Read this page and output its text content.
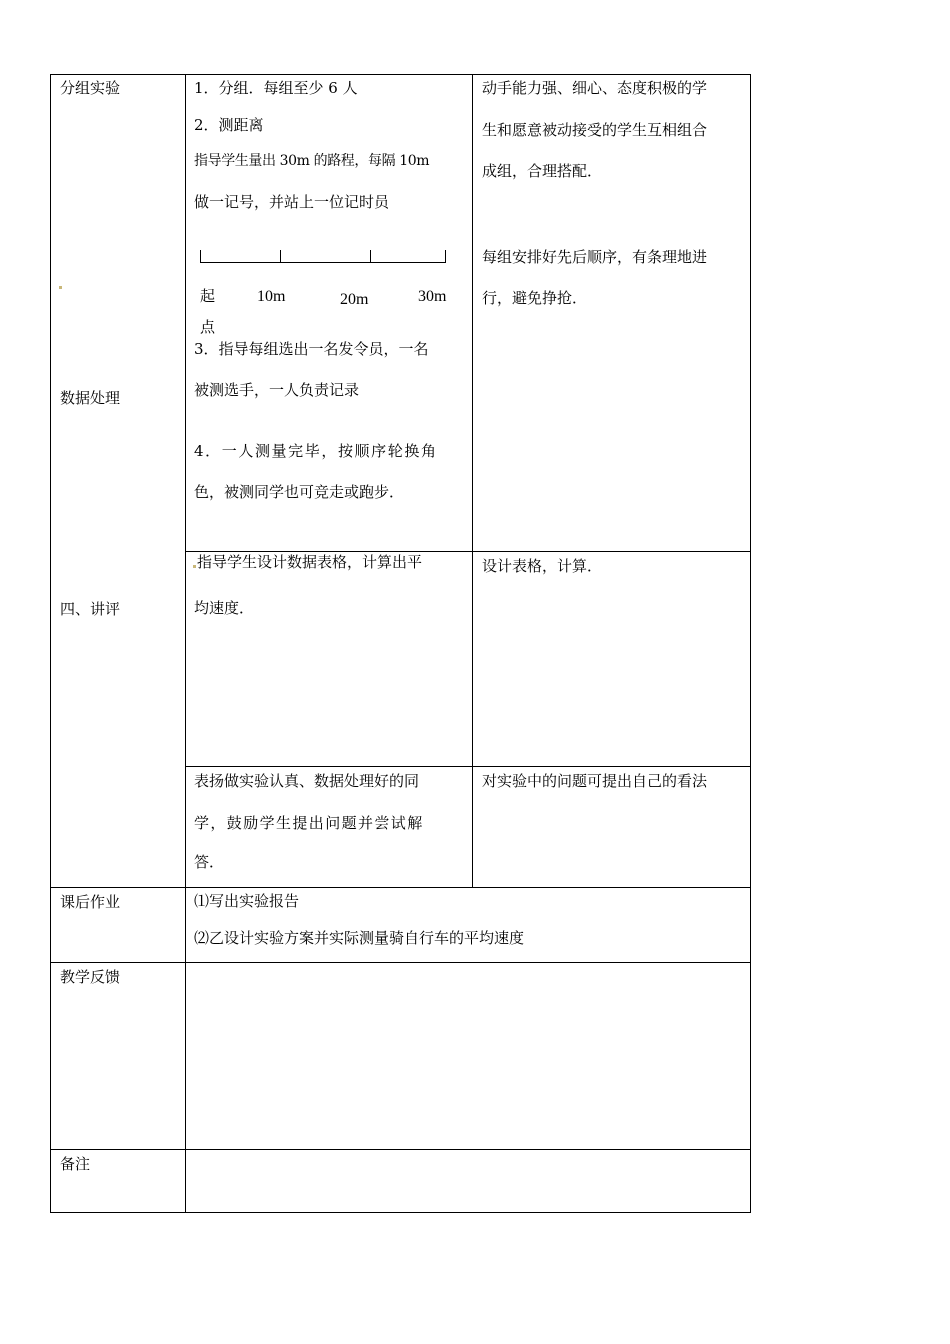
分组实验
数据处理
四、讲评
课后作业
教学反馈
备注
1．分组．每组至少 6 人
2．测距离
指导学生量出 30m 的路程，每隔 10m
做一记号，并站上一位记时员
起
点
10m	20m	30m
3．指导每组选出一名发令员，一名
被测选手，一人负责记录
4．一人测量完毕，按顺序轮换角
色，被测同学也可竞走或跑步．
指导学生设计数据表格，计算出平
均速度．
表扬做实验认真、数据处理好的同
学，鼓励学生提出问题并尝试解
答．
动手能力强、细心、态度积极的学
生和愿意被动接受的学生互相组合
成组，合理搭配．
每组安排好先后顺序，有条理地进
行，避免挣抢．
设计表格，计算．
对实验中的问题可提出自己的看法
⑴写出实验报告
⑵乙设计实验方案并实际测量骑自行车的平均速度
